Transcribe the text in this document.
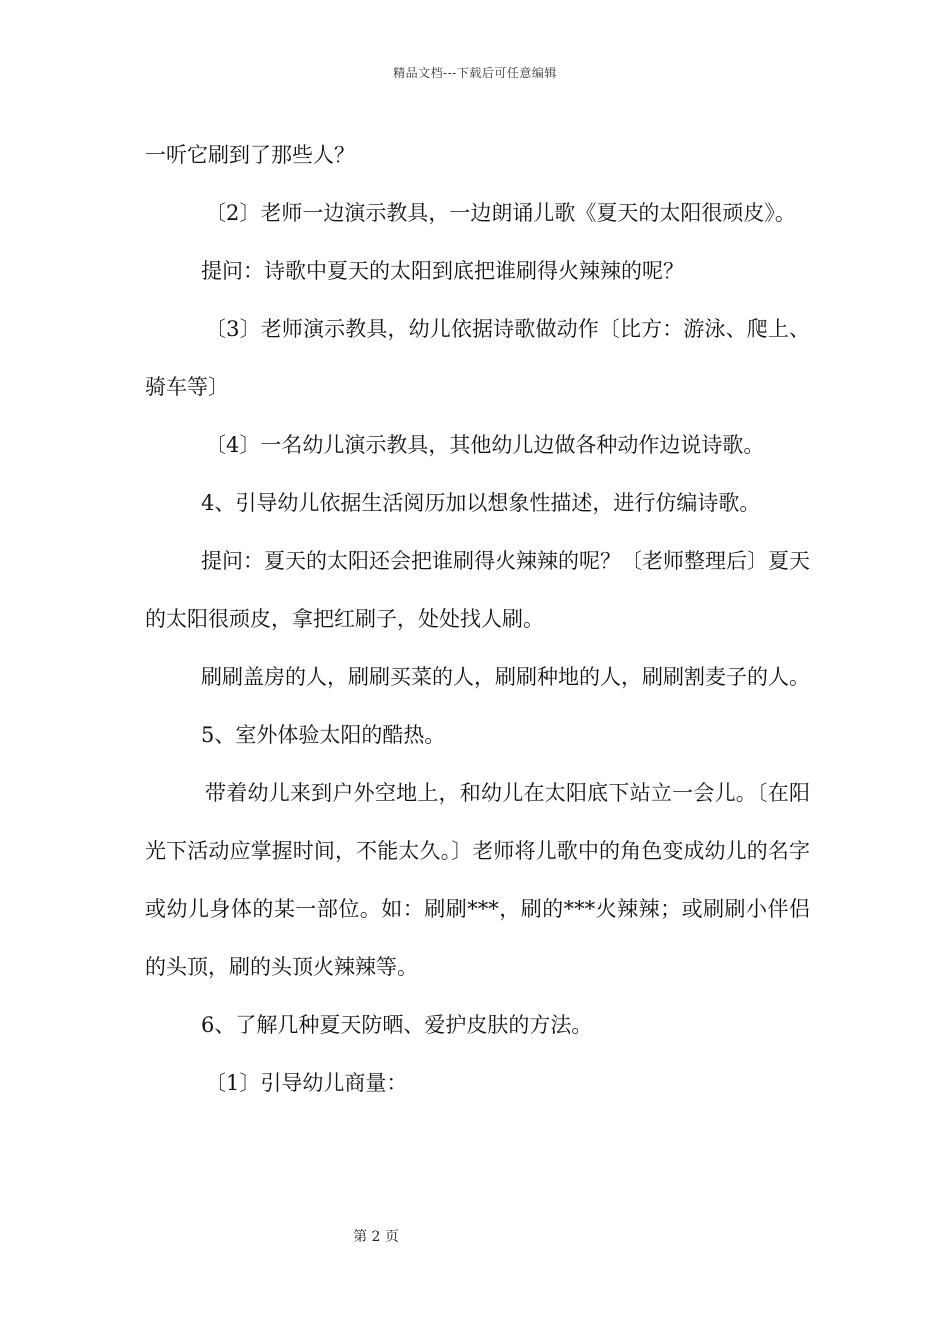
精品文档---下载后可任意编辑

一听它刷到了那些人？

〔2〕老师一边演示教具，一边朗诵儿歌《夏天的太阳很顽皮》。

提问：诗歌中夏天的太阳到底把谁刷得火辣辣的呢？

〔3〕老师演示教具，幼儿依据诗歌做动作〔比方：游泳、爬上、骑车等〕

〔4〕一名幼儿演示教具，其他幼儿边做各种动作边说诗歌。

4、引导幼儿依据生活阅历加以想象性描述，进行仿编诗歌。

提问：夏天的太阳还会把谁刷得火辣辣的呢？〔老师整理后〕夏天的太阳很顽皮，拿把红刷子，处处找人刷。

刷刷盖房的人，刷刷买菜的人，刷刷种地的人，刷刷割麦子的人。

5、室外体验太阳的酷热。

带着幼儿来到户外空地上，和幼儿在太阳底下站立一会儿。〔在阳光下活动应掌握时间，不能太久。〕老师将儿歌中的角色变成幼儿的名字或幼儿身体的某一部位。如：刷刷***，刷的***火辣辣；或刷刷小伴侣的头顶，刷的头顶火辣辣等。

6、了解几种夏天防晒、爱护皮肤的方法。

〔1〕引导幼儿商量：

第 2 页
